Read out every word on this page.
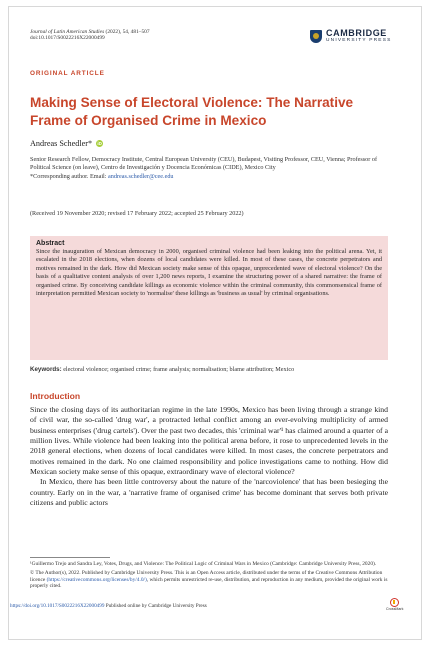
Journal of Latin American Studies (2022), 54, 481–507
doi:10.1017/S0022216X22000499
CAMBRIDGE
UNIVERSITY PRESS
ORIGINAL ARTICLE
Making Sense of Electoral Violence: The Narrative Frame of Organised Crime in Mexico
Andreas Schedler* iD
Senior Research Fellow, Democracy Institute, Central European University (CEU), Budapest, Visiting Professor, CEU, Vienna; Professor of Political Science (on leave), Centro de Investigación y Docencia Económicas (CIDE), Mexico City
*Corresponding author. Email: andreas.schedler@cee.edu
(Received 19 November 2020; revised 17 February 2022; accepted 25 February 2022)
Abstract
Since the inauguration of Mexican democracy in 2000, organised criminal violence had been leaking into the political arena. Yet, it escalated in the 2018 elections, when dozens of local candidates were killed. In most of these cases, the concrete perpetrators and motives remained in the dark. How did Mexican society make sense of this opaque, unprecedented wave of electoral violence? On the basis of a qualitative content analysis of over 1,200 news reports, I examine the structuring power of a shared narrative: the frame of organised crime. By conceiving candidate killings as economic violence within the criminal community, this commonsensical frame of interpretation permitted Mexican society to 'normalise' these killings as 'business as usual' by criminal organisations.
Keywords: electoral violence; organised crime; frame analysis; normalisation; blame attribution; Mexico
Introduction

Since the closing days of its authoritarian regime in the late 1990s, Mexico has been living through a strange kind of civil war, the so-called 'drug war', a protracted lethal conflict among an ever-evolving multiplicity of armed business enterprises ('drug cartels'). Over the past two decades, this 'criminal war'¹ has claimed around a quarter of a million lives. While violence had been leaking into the political arena before, it rose to unprecedented levels in the 2018 general elections, when dozens of local candidates were killed. In most cases, the concrete perpetrators and motives remained in the dark. No one claimed responsibility and police investigations came to nothing. How did Mexican society make sense of this opaque, extraordinary wave of electoral violence?

In Mexico, there has been little controversy about the nature of the 'narcoviolence' that has been besieging the country. Early on in the war, a 'narrative frame of organised crime' has become dominant that serves both private citizens and public actors

¹Guillermo Trejo and Sandra Ley, Votes, Drugs, and Violence: The Political Logic of Criminal Wars in Mexico (Cambridge: Cambridge University Press, 2020).

© The Author(s), 2022. Published by Cambridge University Press. This is an Open Access article, distributed under the terms of the Creative Commons Attribution licence (https://creativecommons.org/licenses/by/4.0/), which permits unrestricted re-use, distribution, and reproduction in any medium, provided the original work is properly cited.

https://doi.org/10.1017/S0022216X22000499 Published online by Cambridge University Press	CrossMark
